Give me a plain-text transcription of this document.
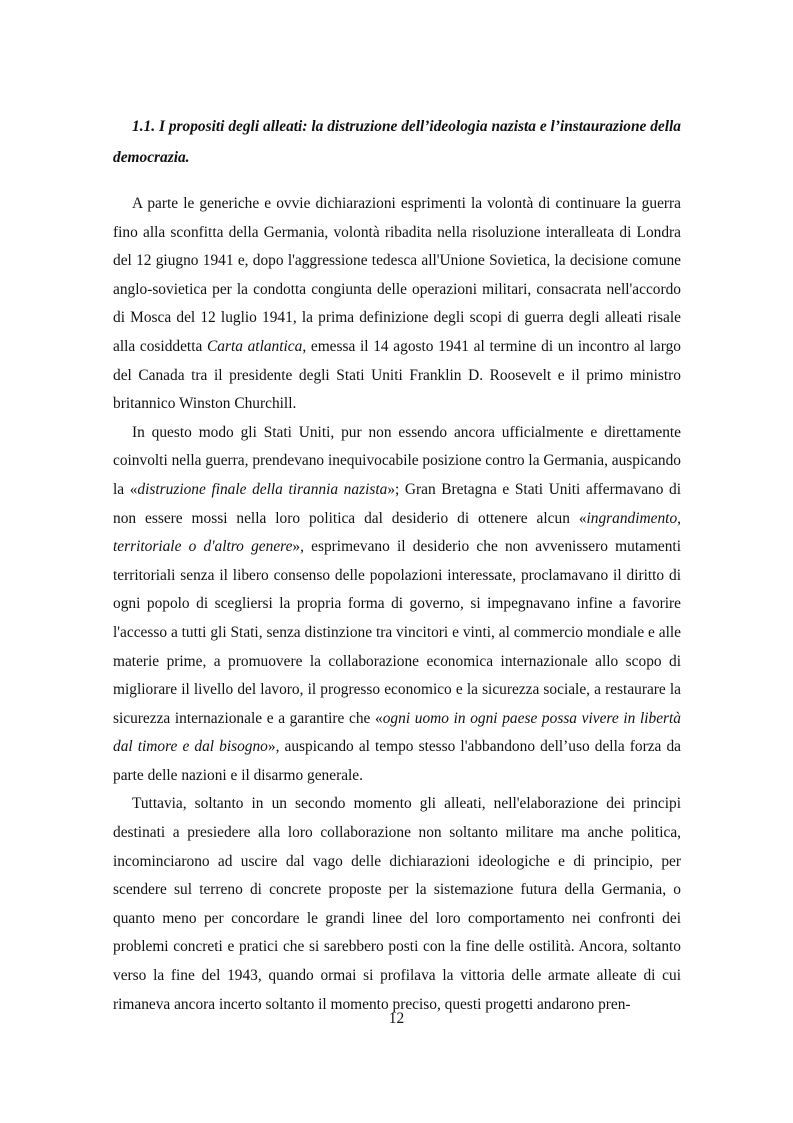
1.1. I propositi degli alleati: la distruzione dell’ideologia nazista e l’instaurazione della democrazia.

A parte le generiche e ovvie dichiarazioni esprimenti la volontà di continuare la guerra fino alla sconfitta della Germania, volontà ribadita nella risoluzione interalleata di Londra del 12 giugno 1941 e, dopo l'aggressione tedesca all'Unione Sovietica, la decisione comune anglo-sovietica per la condotta congiunta delle operazioni militari, consacrata nell'accordo di Mosca del 12 luglio 1941, la prima definizione degli scopi di guerra degli alleati risale alla cosiddetta Carta atlantica, emessa il 14 agosto 1941 al termine di un incontro al largo del Canada tra il presidente degli Stati Uniti Franklin D. Roosevelt e il primo ministro britannico Winston Churchill.

In questo modo gli Stati Uniti, pur non essendo ancora ufficialmente e direttamente coinvolti nella guerra, prendevano inequivocabile posizione contro la Germania, auspicando la «distruzione finale della tirannia nazista»; Gran Bretagna e Stati Uniti affermavano di non essere mossi nella loro politica dal desiderio di ottenere alcun «ingrandimento, territoriale o d'altro genere», esprimevano il desiderio che non avvenissero mutamenti territoriali senza il libero consenso delle popolazioni interessate, proclamavano il diritto di ogni popolo di scegliersi la propria forma di governo, si impegnavano infine a favorire l'accesso a tutti gli Stati, senza distinzione tra vincitori e vinti, al commercio mondiale e alle materie prime, a promuovere la collaborazione economica internazionale allo scopo di migliorare il livello del lavoro, il progresso economico e la sicurezza sociale, a restaurare la sicurezza internazionale e a garantire che «ogni uomo in ogni paese possa vivere in libertà dal timore e dal bisogno», auspicando al tempo stesso l'abbandono dell’uso della forza da parte delle nazioni e il disarmo generale.

Tuttavia, soltanto in un secondo momento gli alleati, nell'elaborazione dei principi destinati a presiedere alla loro collaborazione non soltanto militare ma anche politica, incominciarono ad uscire dal vago delle dichiarazioni ideologiche e di principio, per scendere sul terreno di concrete proposte per la sistemazione futura della Germania, o quanto meno per concordare le grandi linee del loro comportamento nei confronti dei problemi concreti e pratici che si sarebbero posti con la fine delle ostilità. Ancora, soltanto verso la fine del 1943, quando ormai si profilava la vittoria delle armate alleate di cui rimaneva ancora incerto soltanto il momento preciso, questi progetti andarono pren-

12
